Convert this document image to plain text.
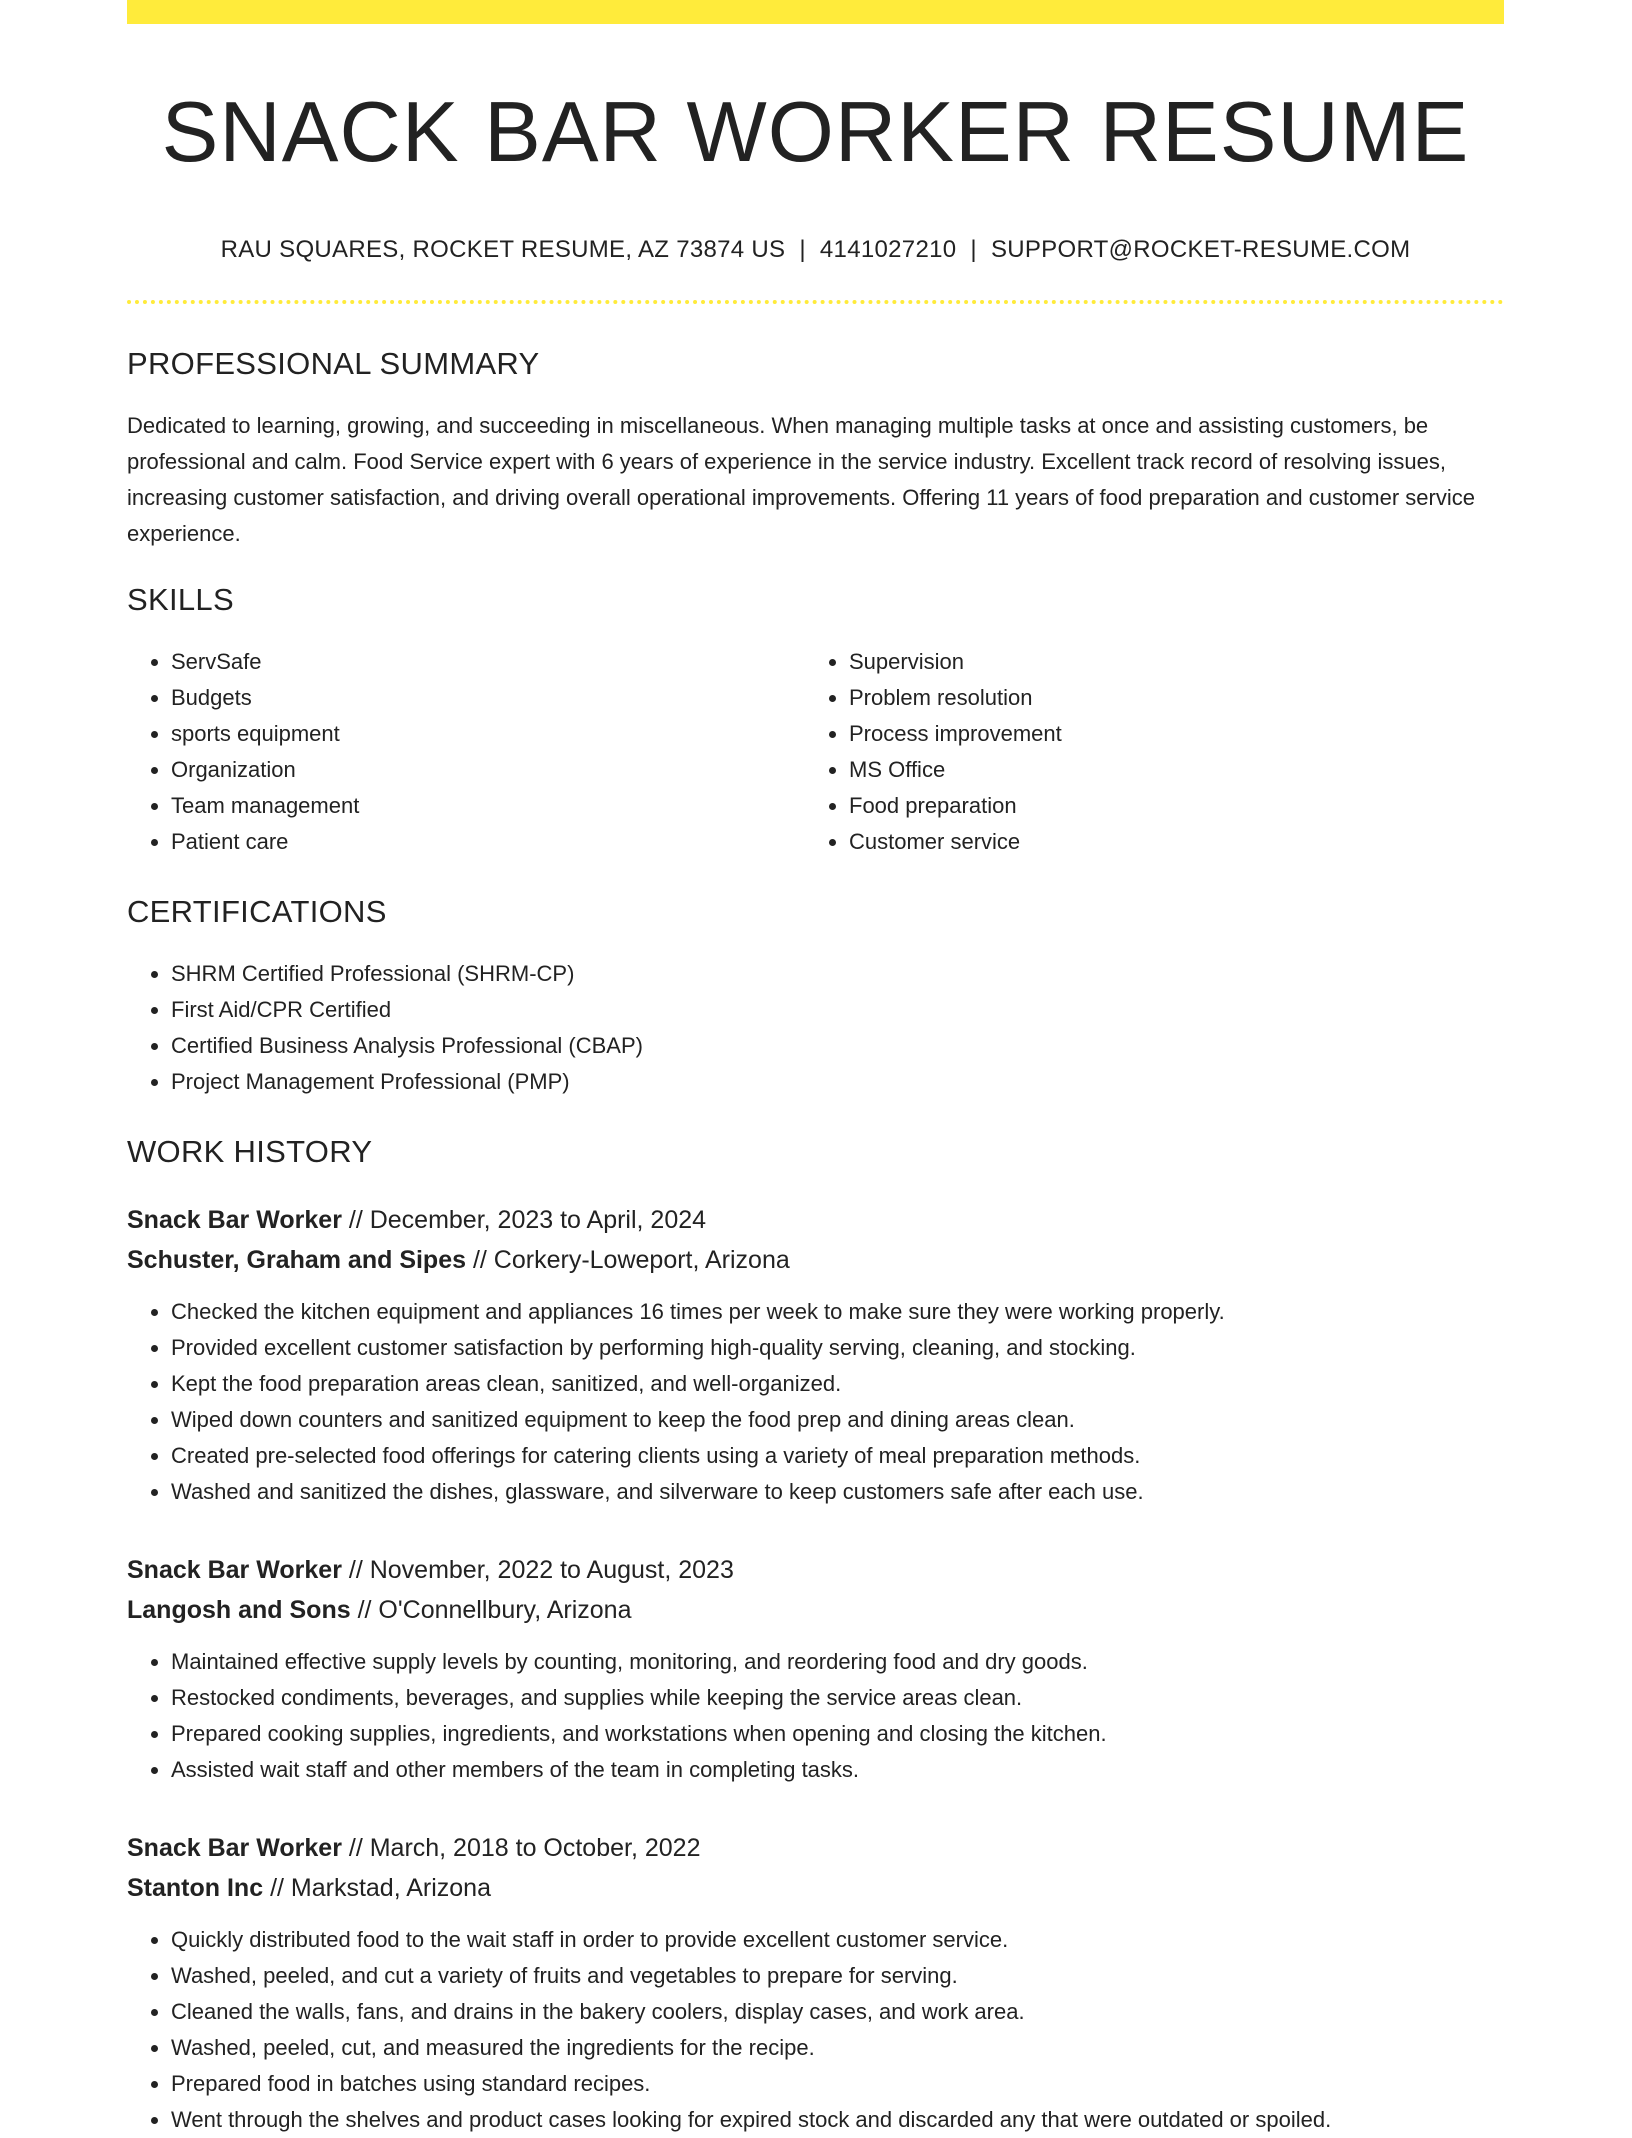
SNACK BAR WORKER RESUME
RAU SQUARES, ROCKET RESUME, AZ 73874 US | 4141027210 | SUPPORT@ROCKET-RESUME.COM
PROFESSIONAL SUMMARY

Dedicated to learning, growing, and succeeding in miscellaneous. When managing multiple tasks at once and assisting customers, be professional and calm. Food Service expert with 6 years of experience in the service industry. Excellent track record of resolving issues, increasing customer satisfaction, and driving overall operational improvements. Offering 11 years of food preparation and customer service experience.

SKILLS
• ServSafe
• Budgets
• sports equipment
• Organization
• Team management
• Patient care
• Supervision
• Problem resolution
• Process improvement
• MS Office
• Food preparation
• Customer service
CERTIFICATIONS
• SHRM Certified Professional (SHRM-CP)
• First Aid/CPR Certified
• Certified Business Analysis Professional (CBAP)
• Project Management Professional (PMP)
WORK HISTORY
Snack Bar Worker // December, 2023 to April, 2024
Schuster, Graham and Sipes // Corkery-Loweport, Arizona
• Checked the kitchen equipment and appliances 16 times per week to make sure they were working properly.
• Provided excellent customer satisfaction by performing high-quality serving, cleaning, and stocking.
• Kept the food preparation areas clean, sanitized, and well-organized.
• Wiped down counters and sanitized equipment to keep the food prep and dining areas clean.
• Created pre-selected food offerings for catering clients using a variety of meal preparation methods.
• Washed and sanitized the dishes, glassware, and silverware to keep customers safe after each use.
Snack Bar Worker // November, 2022 to August, 2023
Langosh and Sons // O'Connellbury, Arizona
• Maintained effective supply levels by counting, monitoring, and reordering food and dry goods.
• Restocked condiments, beverages, and supplies while keeping the service areas clean.
• Prepared cooking supplies, ingredients, and workstations when opening and closing the kitchen.
• Assisted wait staff and other members of the team in completing tasks.
Snack Bar Worker // March, 2018 to October, 2022
Stanton Inc // Markstad, Arizona
• Quickly distributed food to the wait staff in order to provide excellent customer service.
• Washed, peeled, and cut a variety of fruits and vegetables to prepare for serving.
• Cleaned the walls, fans, and drains in the bakery coolers, display cases, and work area.
• Washed, peeled, cut, and measured the ingredients for the recipe.
• Prepared food in batches using standard recipes.
• Went through the shelves and product cases looking for expired stock and discarded any that were outdated or spoiled.
